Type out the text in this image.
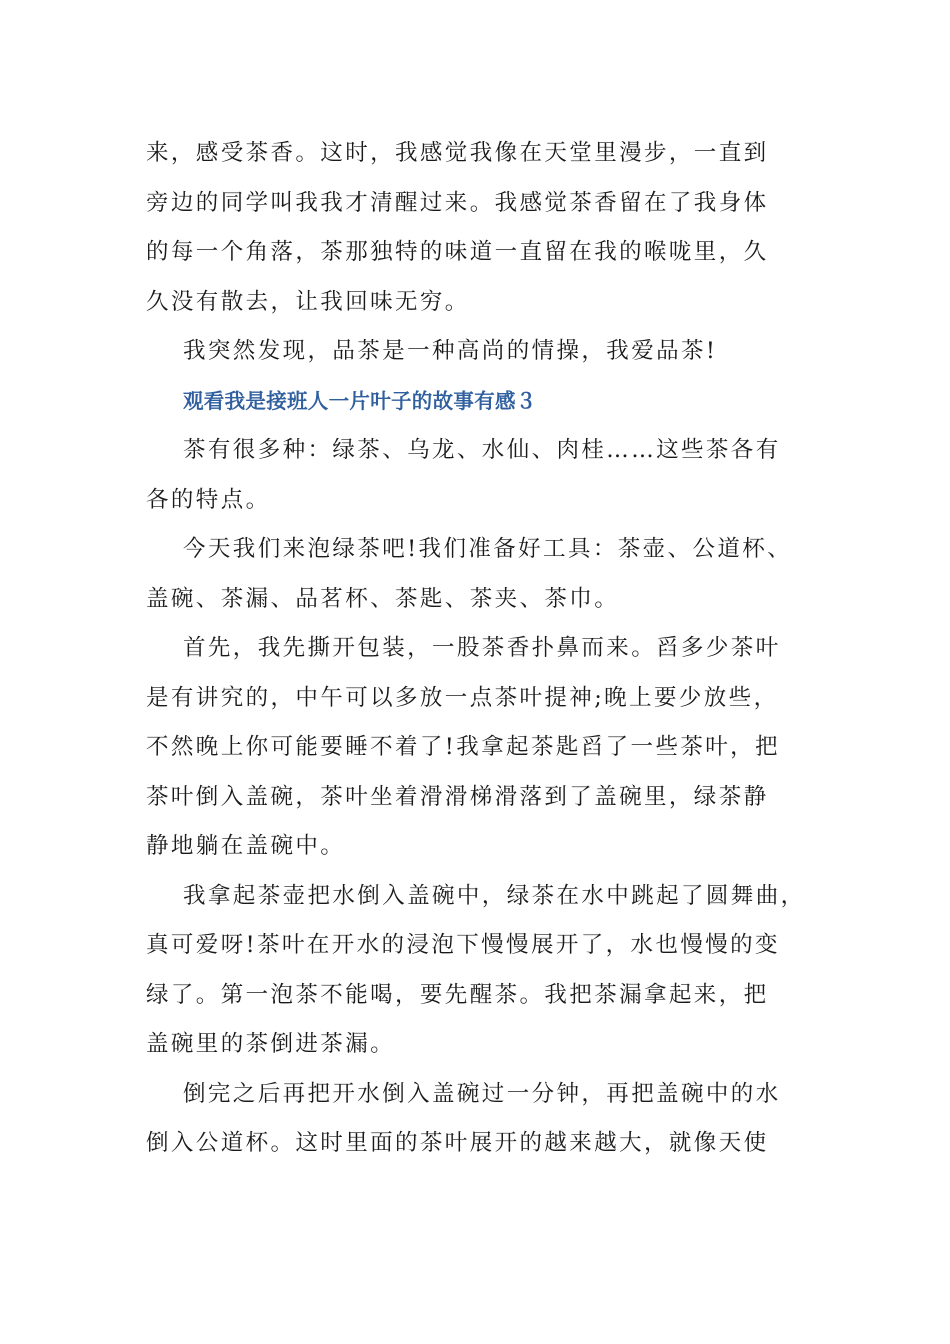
来，感受茶香。这时，我感觉我像在天堂里漫步，一直到
旁边的同学叫我我才清醒过来。我感觉茶香留在了我身体
的每一个角落，茶那独特的味道一直留在我的喉咙里，久
久没有散去，让我回味无穷。
我突然发现，品茶是一种高尚的情操，我爱品茶!
观看我是接班人一片叶子的故事有感３
茶有很多种：绿茶、乌龙、水仙、肉桂……这些茶各有
各的特点。
今天我们来泡绿茶吧!我们准备好工具：茶壶、公道杯、
盖碗、茶漏、品茗杯、茶匙、茶夹、茶巾。
首先，我先撕开包装，一股茶香扑鼻而来。舀多少茶叶
是有讲究的，中午可以多放一点茶叶提神;晚上要少放些，
不然晚上你可能要睡不着了!我拿起茶匙舀了一些茶叶，把
茶叶倒入盖碗，茶叶坐着滑滑梯滑落到了盖碗里，绿茶静
静地躺在盖碗中。
我拿起茶壶把水倒入盖碗中，绿茶在水中跳起了圆舞曲，
真可爱呀!茶叶在开水的浸泡下慢慢展开了，水也慢慢的变
绿了。第一泡茶不能喝，要先醒茶。我把茶漏拿起来，把
盖碗里的茶倒进茶漏。
倒完之后再把开水倒入盖碗过一分钟，再把盖碗中的水
倒入公道杯。这时里面的茶叶展开的越来越大，就像天使
